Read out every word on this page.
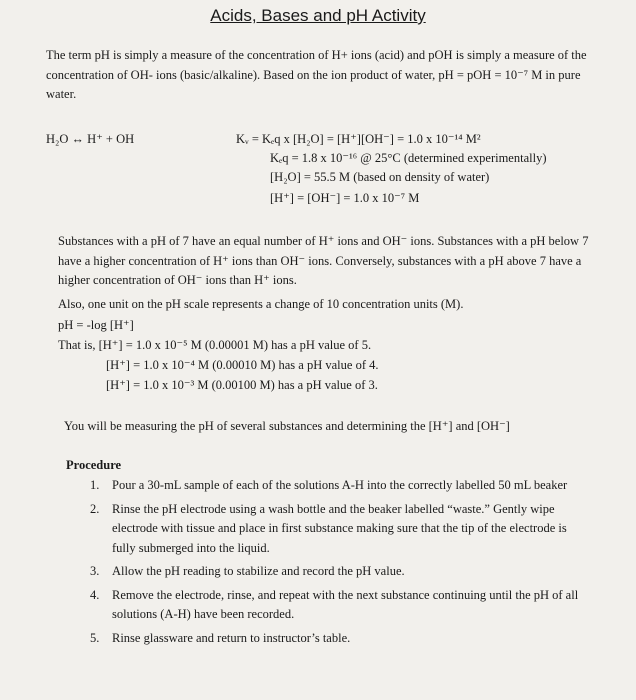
Acids, Bases and pH Activity

The term pH is simply a measure of the concentration of H+ ions (acid) and pOH is simply a measure of the concentration of OH- ions (basic/alkaline). Based on the ion product of water, pH = pOH = 10⁻⁷ M in pure water.

H₂O ↔ H⁺ + OH	Kᵥ = Kₑq x [H₂O] = [H⁺][OH⁻] = 1.0 x 10⁻¹⁴ M²
Kₑq = 1.8 x 10⁻¹⁶ @ 25°C (determined experimentally)
[H₂O] = 55.5 M (based on density of water)
[H⁺] = [OH⁻] = 1.0 x 10⁻⁷ M

Substances with a pH of 7 have an equal number of H⁺ ions and OH⁻ ions. Substances with a pH below 7 have a higher concentration of H⁺ ions than OH⁻ ions. Conversely, substances with a pH above 7 have a higher concentration of OH⁻ ions than H⁺ ions.

Also, one unit on the pH scale represents a change of 10 concentration units (M).
pH = -log [H⁺]
That is, [H⁺] = 1.0 x 10⁻⁵ M (0.00001 M) has a pH value of 5.
[H⁺] = 1.0 x 10⁻⁴ M (0.00010 M) has a pH value of 4.
[H⁺] = 1.0 x 10⁻³ M (0.00100 M) has a pH value of 3.
You will be measuring the pH of several substances and determining the [H⁺] and [OH⁻]
Procedure
1.	Pour a 30-mL sample of each of the solutions A-H into the correctly labelled 50 mL beaker
2.	Rinse the pH electrode using a wash bottle and the beaker labelled “waste.” Gently wipe electrode with tissue and place in first substance making sure that the tip of the electrode is fully submerged into the liquid.
3.	Allow the pH reading to stabilize and record the pH value.
4.	Remove the electrode, rinse, and repeat with the next substance continuing until the pH of all solutions (A-H) have been recorded.
5.	Rinse glassware and return to instructor’s table.
